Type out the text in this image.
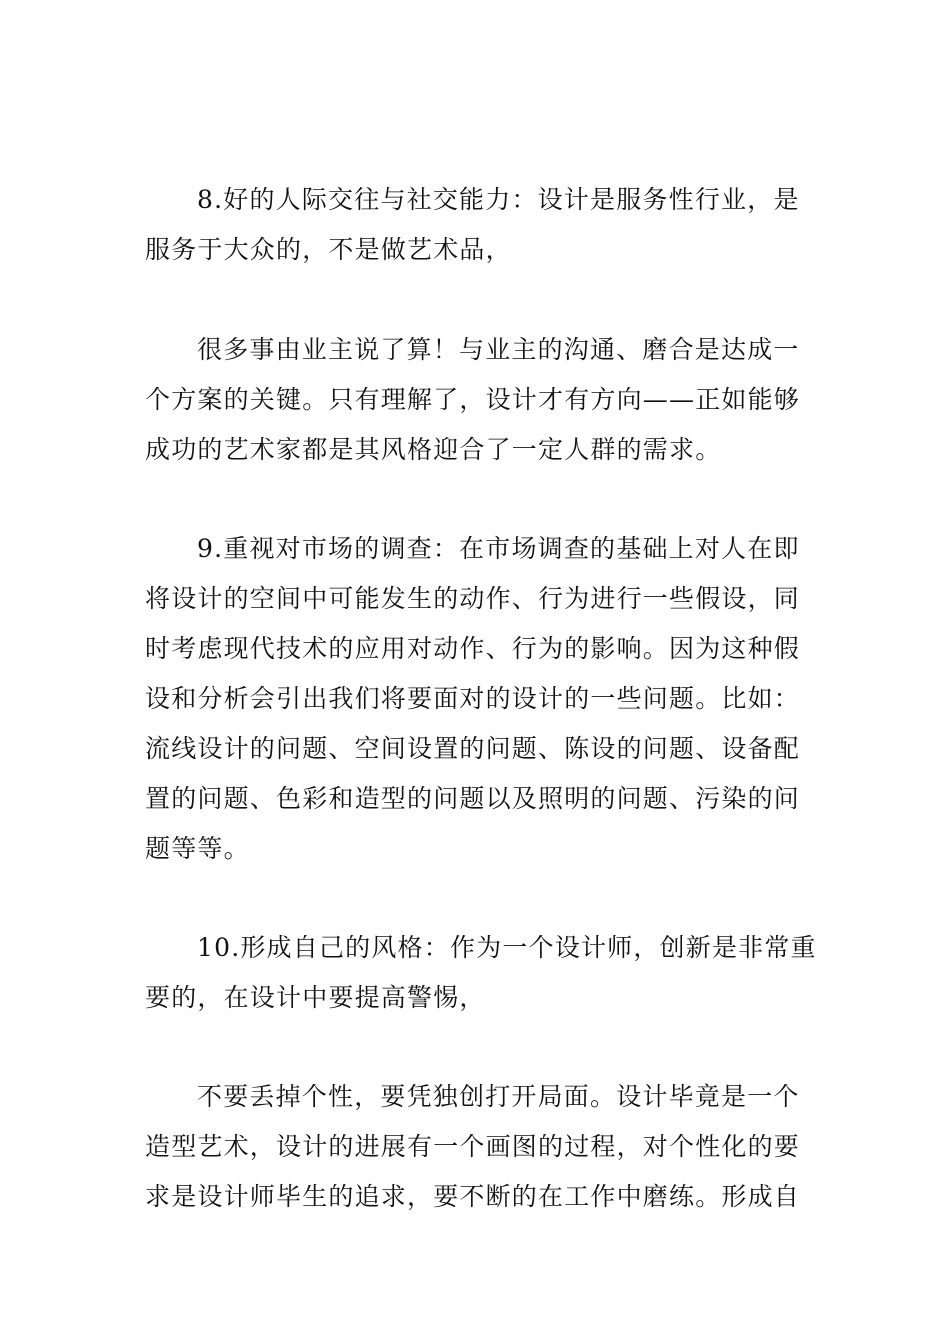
8.好的人际交往与社交能力：设计是服务性行业，是
服务于大众的，不是做艺术品，
很多事由业主说了算！与业主的沟通、磨合是达成一
个方案的关键。只有理解了，设计才有方向——正如能够
成功的艺术家都是其风格迎合了一定人群的需求。
9.重视对市场的调查：在市场调查的基础上对人在即
将设计的空间中可能发生的动作、行为进行一些假设，同
时考虑现代技术的应用对动作、行为的影响。因为这种假
设和分析会引出我们将要面对的设计的一些问题。比如：
流线设计的问题、空间设置的问题、陈设的问题、设备配
置的问题、色彩和造型的问题以及照明的问题、污染的问
题等等。
10.形成自己的风格：作为一个设计师，创新是非常重
要的，在设计中要提高警惕，
不要丢掉个性，要凭独创打开局面。设计毕竟是一个
造型艺术，设计的进展有一个画图的过程，对个性化的要
求是设计师毕生的追求，要不断的在工作中磨练。形成自
